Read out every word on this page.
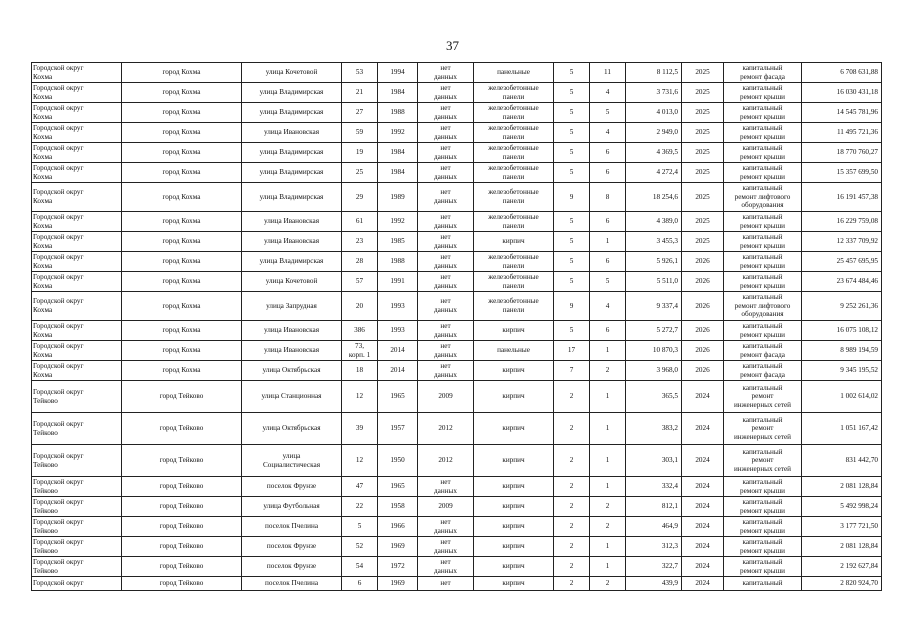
37
Городской округ
Кохма	город Кохма	улица Кочетовой	53	1994	нет
данных	панельные	5	11	8 112,5	2025	капитальный
ремонт фасада	6 708 631,88

Городской округ
Кохма	город Кохма	улица Владимирская	21	1984	нет
данных	железобетонные
панели	5	4	3 731,6	2025	капитальный
ремонт крыши	16 030 431,18

Городской округ
Кохма	город Кохма	улица Владимирская	27	1988	нет
данных	железобетонные
панели	5	5	4 013,0	2025	капитальный
ремонт крыши	14 545 781,96

Городской округ
Кохма	город Кохма	улица Ивановская	59	1992	нет
данных	железобетонные
панели	5	4	2 949,0	2025	капитальный
ремонт крыши	11 495 721,36

Городской округ
Кохма	город Кохма	улица Владимирская	19	1984	нет
данных	железобетонные
панели	5	6	4 369,5	2025	капитальный
ремонт крыши	18 770 760,27

Городской округ
Кохма	город Кохма	улица Владимирская	25	1984	нет
данных	железобетонные
панели	5	6	4 272,4	2025	капитальный
ремонт крыши	15 357 699,50

Городской округ
Кохма	город Кохма	улица Владимирская	29	1989	нет
данных	железобетонные
панели	9	8	18 254,6	2025	капитальный
ремонт лифтового
оборудования	16 191 457,38

Городской округ
Кохма	город Кохма	улица Ивановская	61	1992	нет
данных	железобетонные
панели	5	6	4 389,0	2025	капитальный
ремонт крыши	16 229 759,08

Городской округ
Кохма	город Кохма	улица Ивановская	23	1985	нет
данных	кирпич	5	1	3 455,3	2025	капитальный
ремонт крыши	12 337 709,92

Городской округ
Кохма	город Кохма	улица Владимирская	28	1988	нет
данных	железобетонные
панели	5	6	5 926,1	2026	капитальный
ремонт крыши	25 457 695,95

Городской округ
Кохма	город Кохма	улица Кочетовой	57	1991	нет
данных	железобетонные
панели	5	5	5 511,0	2026	капитальный
ремонт крыши	23 674 484,46

Городской округ
Кохма	город Кохма	улица Запрудная	20	1993	нет
данных	железобетонные
панели	9	4	9 337,4	2026	капитальный
ремонт лифтового
оборудования	9 252 261,36

Городской округ
Кохма	город Кохма	улица Ивановская	386	1993	нет
данных	кирпич	5	6	5 272,7	2026	капитальный
ремонт крыши	16 075 108,12

Городской округ
Кохма	город Кохма	улица Ивановская	73,
корп. 1	2014	нет
данных	панельные	17	1	10 870,3	2026	капитальный
ремонт фасада	8 989 194,59

Городской округ
Кохма	город Кохма	улица Октябрьская	18	2014	нет
данных	кирпич	7	2	3 968,0	2026	капитальный
ремонт фасада	9 345 195,52

Городской округ
Тейково	город Тейково	улица Станционная	12	1965	2009	кирпич	2	1	365,5	2024	капитальный
ремонт
инженерных сетей	1 002 614,02

Городской округ
Тейково	город Тейково	улица Октябрьская	39	1957	2012	кирпич	2	1	383,2	2024	капитальный
ремонт
инженерных сетей	1 051 167,42

Городской округ
Тейково	город Тейково	улица
Социалистическая	12	1950	2012	кирпич	2	1	303,1	2024	капитальный
ремонт
инженерных сетей	831 442,70

Городской округ
Тейково	город Тейково	поселок Фрунзе	47	1965	нет
данных	кирпич	2	1	332,4	2024	капитальный
ремонт крыши	2 081 128,84

Городской округ
Тейково	город Тейково	улица Футбольная	22	1958	2009	кирпич	2	2	812,1	2024	капитальный
ремонт крыши	5 492 998,24

Городской округ
Тейково	город Тейково	поселок Пчелина	5	1966	нет
данных	кирпич	2	2	464,9	2024	капитальный
ремонт крыши	3 177 721,50

Городской округ
Тейково	город Тейково	поселок Фрунзе	52	1969	нет
данных	кирпич	2	1	312,3	2024	капитальный
ремонт крыши	2 081 128,84

Городской округ
Тейково	город Тейково	поселок Фрунзе	54	1972	нет
данных	кирпич	2	1	322,7	2024	капитальный
ремонт крыши	2 192 627,84

Городской округ	город Тейково	поселок Пчелина	6	1969	нет	кирпич	2	2	439,9	2024	капитальный	2 820 924,70
